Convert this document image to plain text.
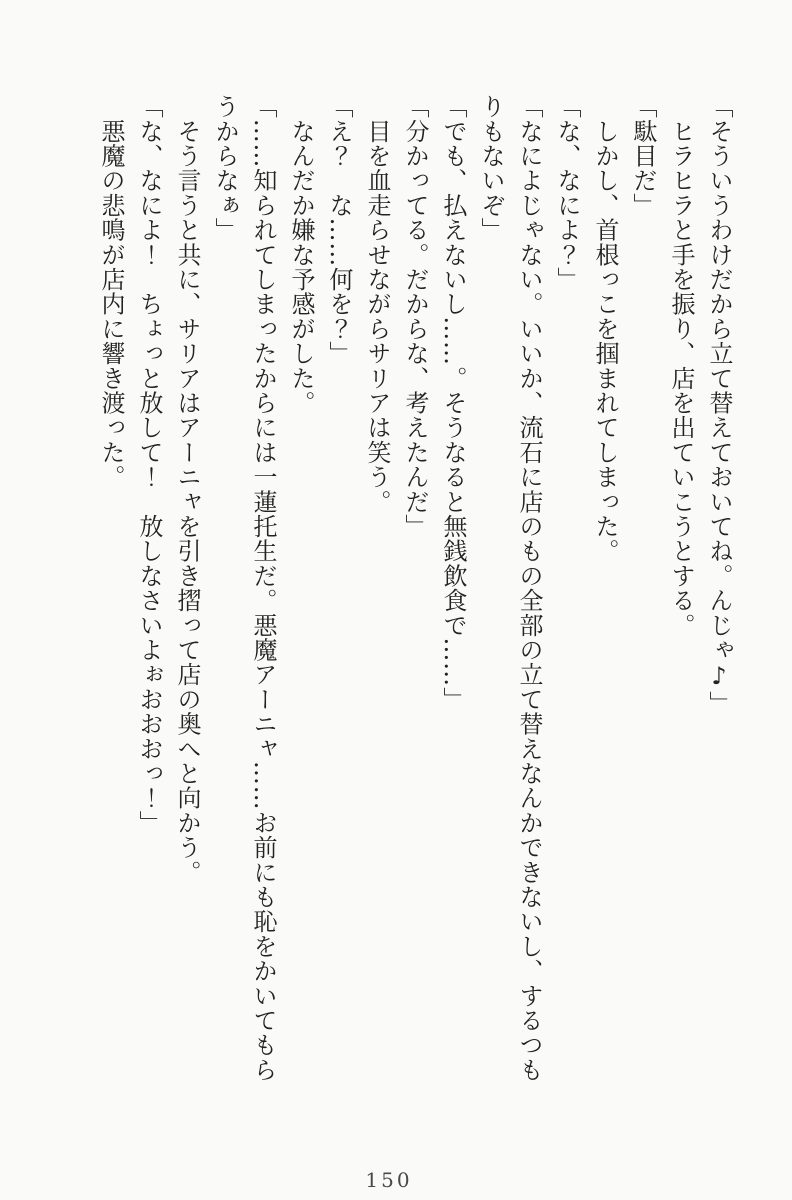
「そういうわけだから立て替えておいてね。んじゃ♪」

　ヒラヒラと手を振り、店を出ていこうとする。

「駄目だ」

　しかし、首根っこを掴まれてしまった。

「な、なによ？」

「なによじゃない。いいか、流石に店のもの全部の立て替えなんかできないし、するつも

りもないぞ」

「でも、払えないし……。そうなると無銭飲食で……」

「分かってる。だからな、考えたんだ」

　目を血走らせながらサリアは笑う。

「え？　な……何を？」

　なんだか嫌な予感がした。

「……知られてしまったからには一蓮托生だ。悪魔アーニャ……お前にも恥をかいてもら

うからなぁ」

　そう言うと共に、サリアはアーニャを引き摺って店の奥へと向かう。

「な、なによ！　ちょっと放して！　放しなさいよぉおおおっ！」

　悪魔の悲鳴が店内に響き渡った。

150
